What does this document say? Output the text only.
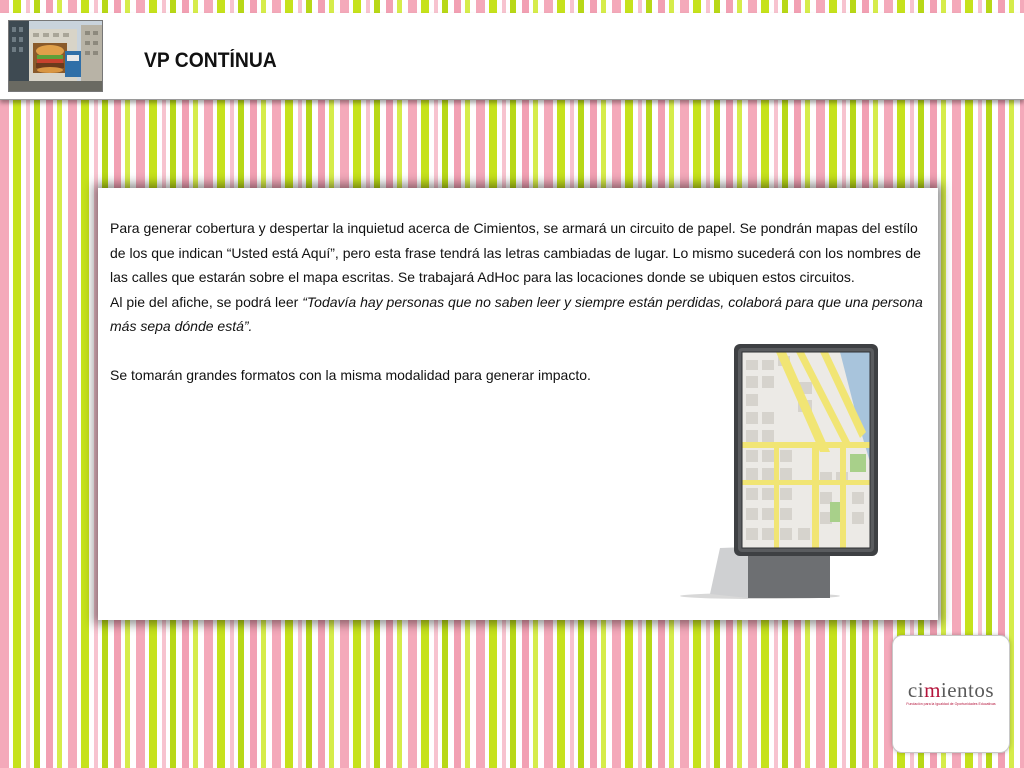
VP CONTÍNUA

Para generar cobertura y despertar la inquietud acerca de Cimientos, se armará un circuito de papel. Se pondrán mapas del estílo de los que indican “Usted está Aquí”, pero esta frase tendrá las letras cambiadas de lugar. Lo mismo sucederá con los nombres de las calles que estarán sobre el mapa escritas. Se trabajará AdHoc para las locaciones donde se ubiquen estos circuitos.

Al pie del afiche, se podrá leer “Todavía hay personas que no saben leer y siempre están perdidas, colaborá para que una persona más sepa dónde está”.

Se tomarán grandes formatos con la misma modalidad para generar impacto.

cimientos
Fundación para la Igualdad de Oportunidades Educativas
